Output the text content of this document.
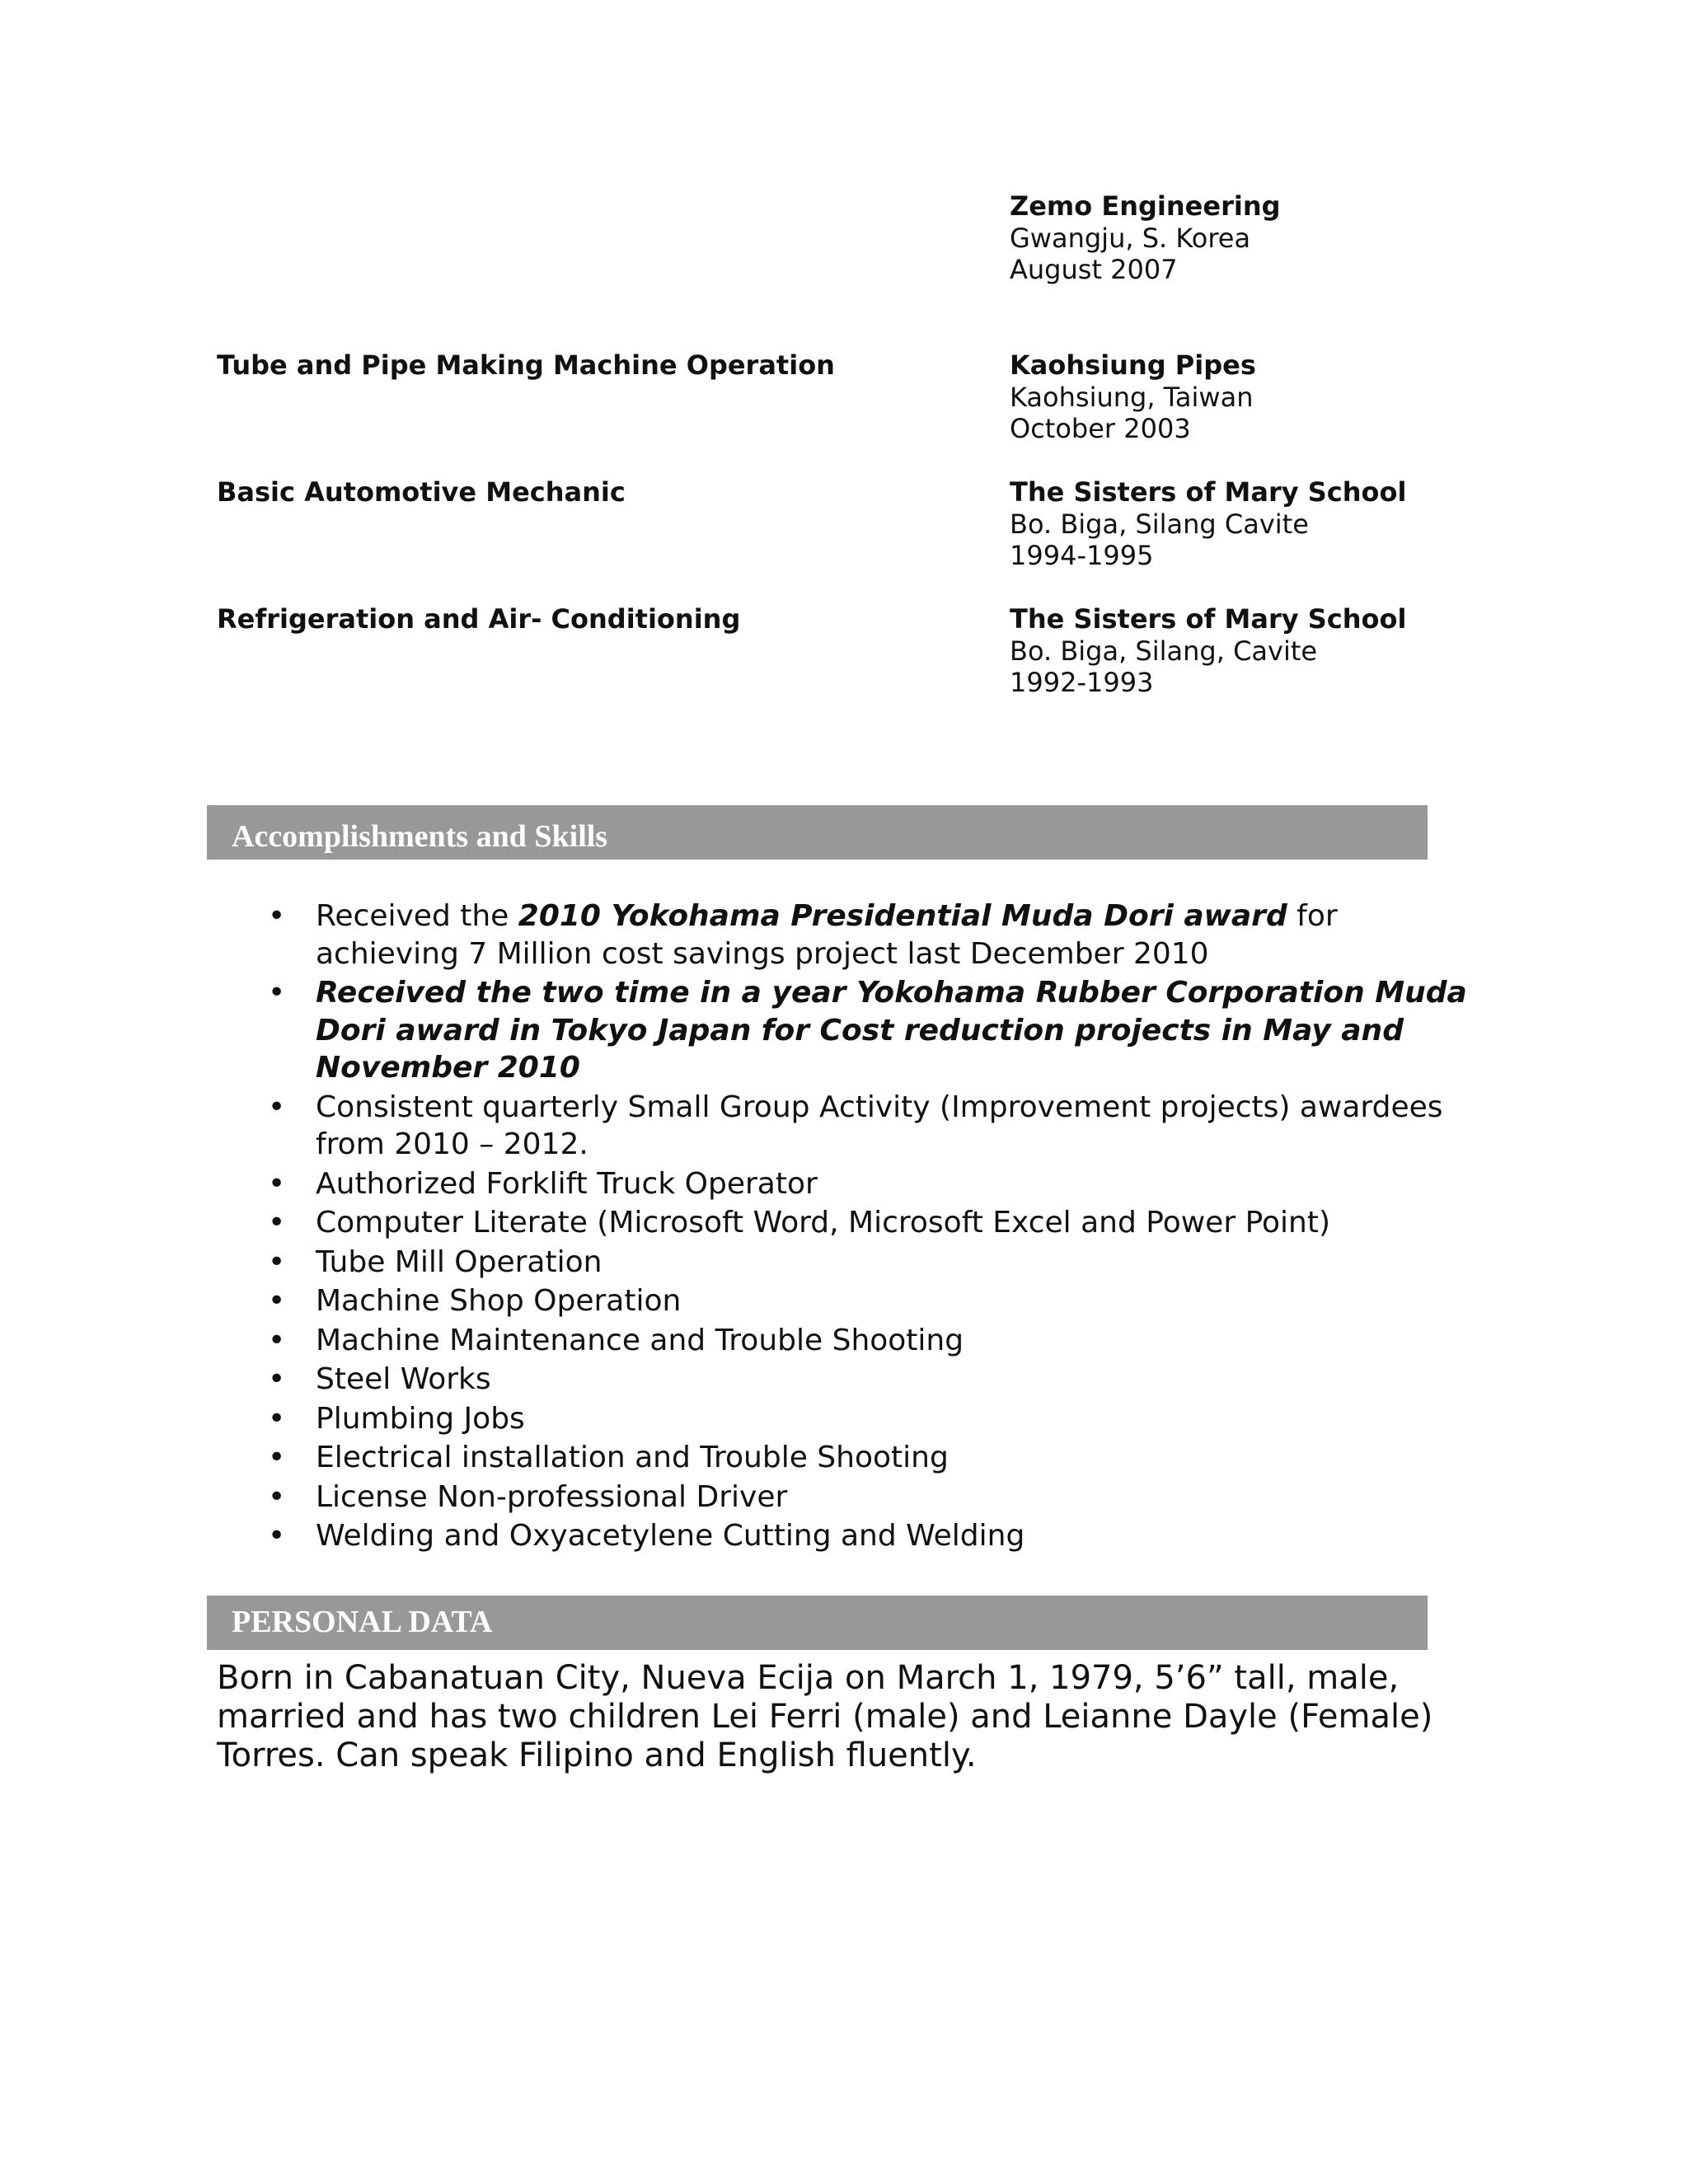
Zemo Engineering
Gwangju, S. Korea
August 2007
Tube and Pipe Making Machine Operation	Kaohsiung Pipes
Kaohsiung, Taiwan
October 2003
Basic Automotive Mechanic	The Sisters of Mary School
Bo. Biga, Silang Cavite
1994-1995
Refrigeration and Air- Conditioning	The Sisters of Mary School
Bo. Biga, Silang, Cavite
1992-1993
Accomplishments and Skills
• Received the 2010 Yokohama Presidential Muda Dori award for achieving 7 Million cost savings project last December 2010
• Received the two time in a year Yokohama Rubber Corporation Muda Dori award in Tokyo Japan for Cost reduction projects in May and November 2010
• Consistent quarterly Small Group Activity (Improvement projects) awardees from 2010 – 2012.
• Authorized Forklift Truck Operator
• Computer Literate (Microsoft Word, Microsoft Excel and Power Point)
• Tube Mill Operation
• Machine Shop Operation
• Machine Maintenance and Trouble Shooting
• Steel Works
• Plumbing Jobs
• Electrical installation and Trouble Shooting
• License Non-professional Driver
• Welding and Oxyacetylene Cutting and Welding
PERSONAL DATA
Born in Cabanatuan City, Nueva Ecija on March 1, 1979, 5’6” tall, male, married and has two children Lei Ferri (male) and Leianne Dayle (Female) Torres. Can speak Filipino and English fluently.
